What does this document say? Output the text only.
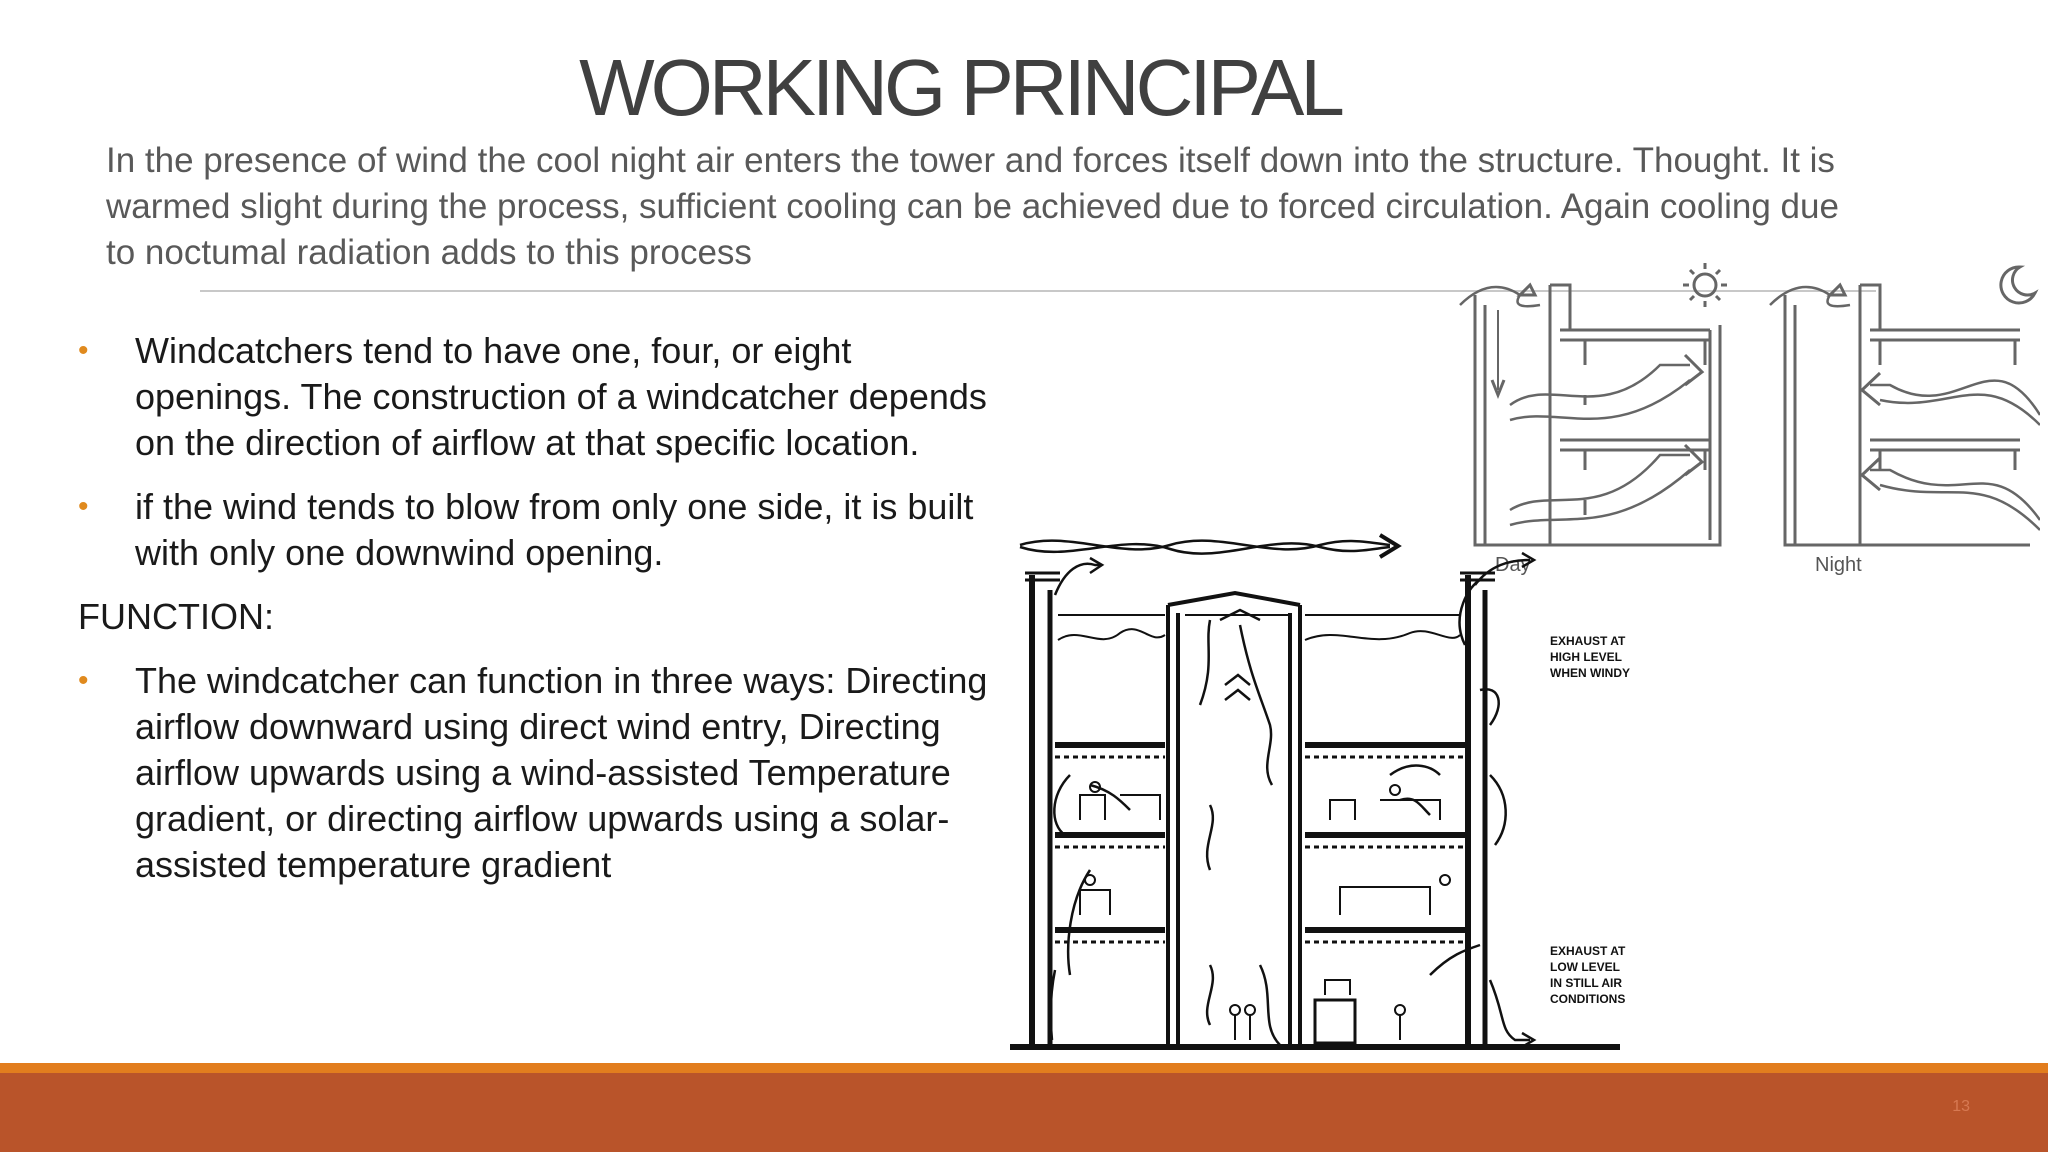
WORKING PRINCIPAL

In the presence of wind the cool night air enters the tower and forces itself down into the structure. Thought. It is warmed slight during the process, sufficient cooling can be achieved due to forced circulation. Again cooling due to noctumal radiation adds to this process

• Windcatchers tend to have one, four, or eight openings. The construction of a windcatcher depends on the direction of airflow at that specific location.

• if the wind tends to blow from only one side, it is built with only one downwind opening.

FUNCTION:

• The windcatcher can function in three ways: Directing airflow downward using direct wind entry, Directing airflow upwards using a wind-assisted Temperature gradient, or directing airflow upwards using a solar-assisted temperature gradient

Day	Night
EXHAUST AT HIGH LEVEL WHEN WINDY
EXHAUST AT LOW LEVEL IN STILL AIR CONDITIONS
13
